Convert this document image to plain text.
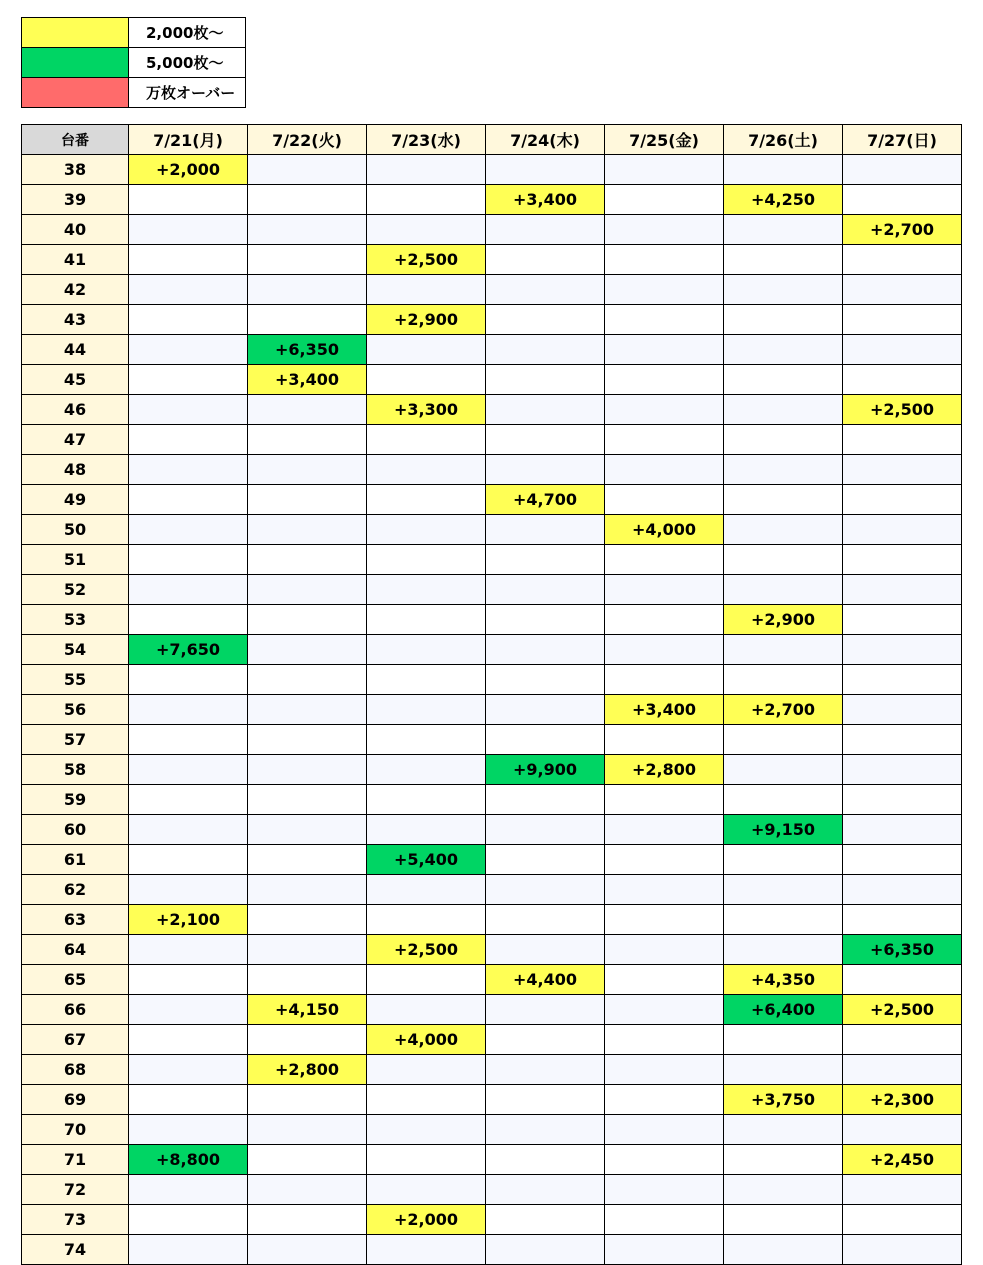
	2,000枚～
	5,000枚～
	万枚オーバー
台番	7/21(月)	7/22(火)	7/23(水)	7/24(木)	7/25(金)	7/26(土)	7/27(日)
38	+2,000						
39				+3,400		+4,250	
40							+2,700
41			+2,500				
42							
43			+2,900				
44		+6,350					
45		+3,400					
46			+3,300				+2,500
47							
48							
49				+4,700			
50					+4,000		
51							
52							
53						+2,900	
54	+7,650						
55							
56					+3,400	+2,700	
57							
58				+9,900	+2,800		
59							
60						+9,150	
61			+5,400				
62							
63	+2,100						
64			+2,500				+6,350
65				+4,400		+4,350	
66		+4,150				+6,400	+2,500
67			+4,000				
68		+2,800					
69						+3,750	+2,300
70							
71	+8,800						+2,450
72							
73			+2,000				
74							
